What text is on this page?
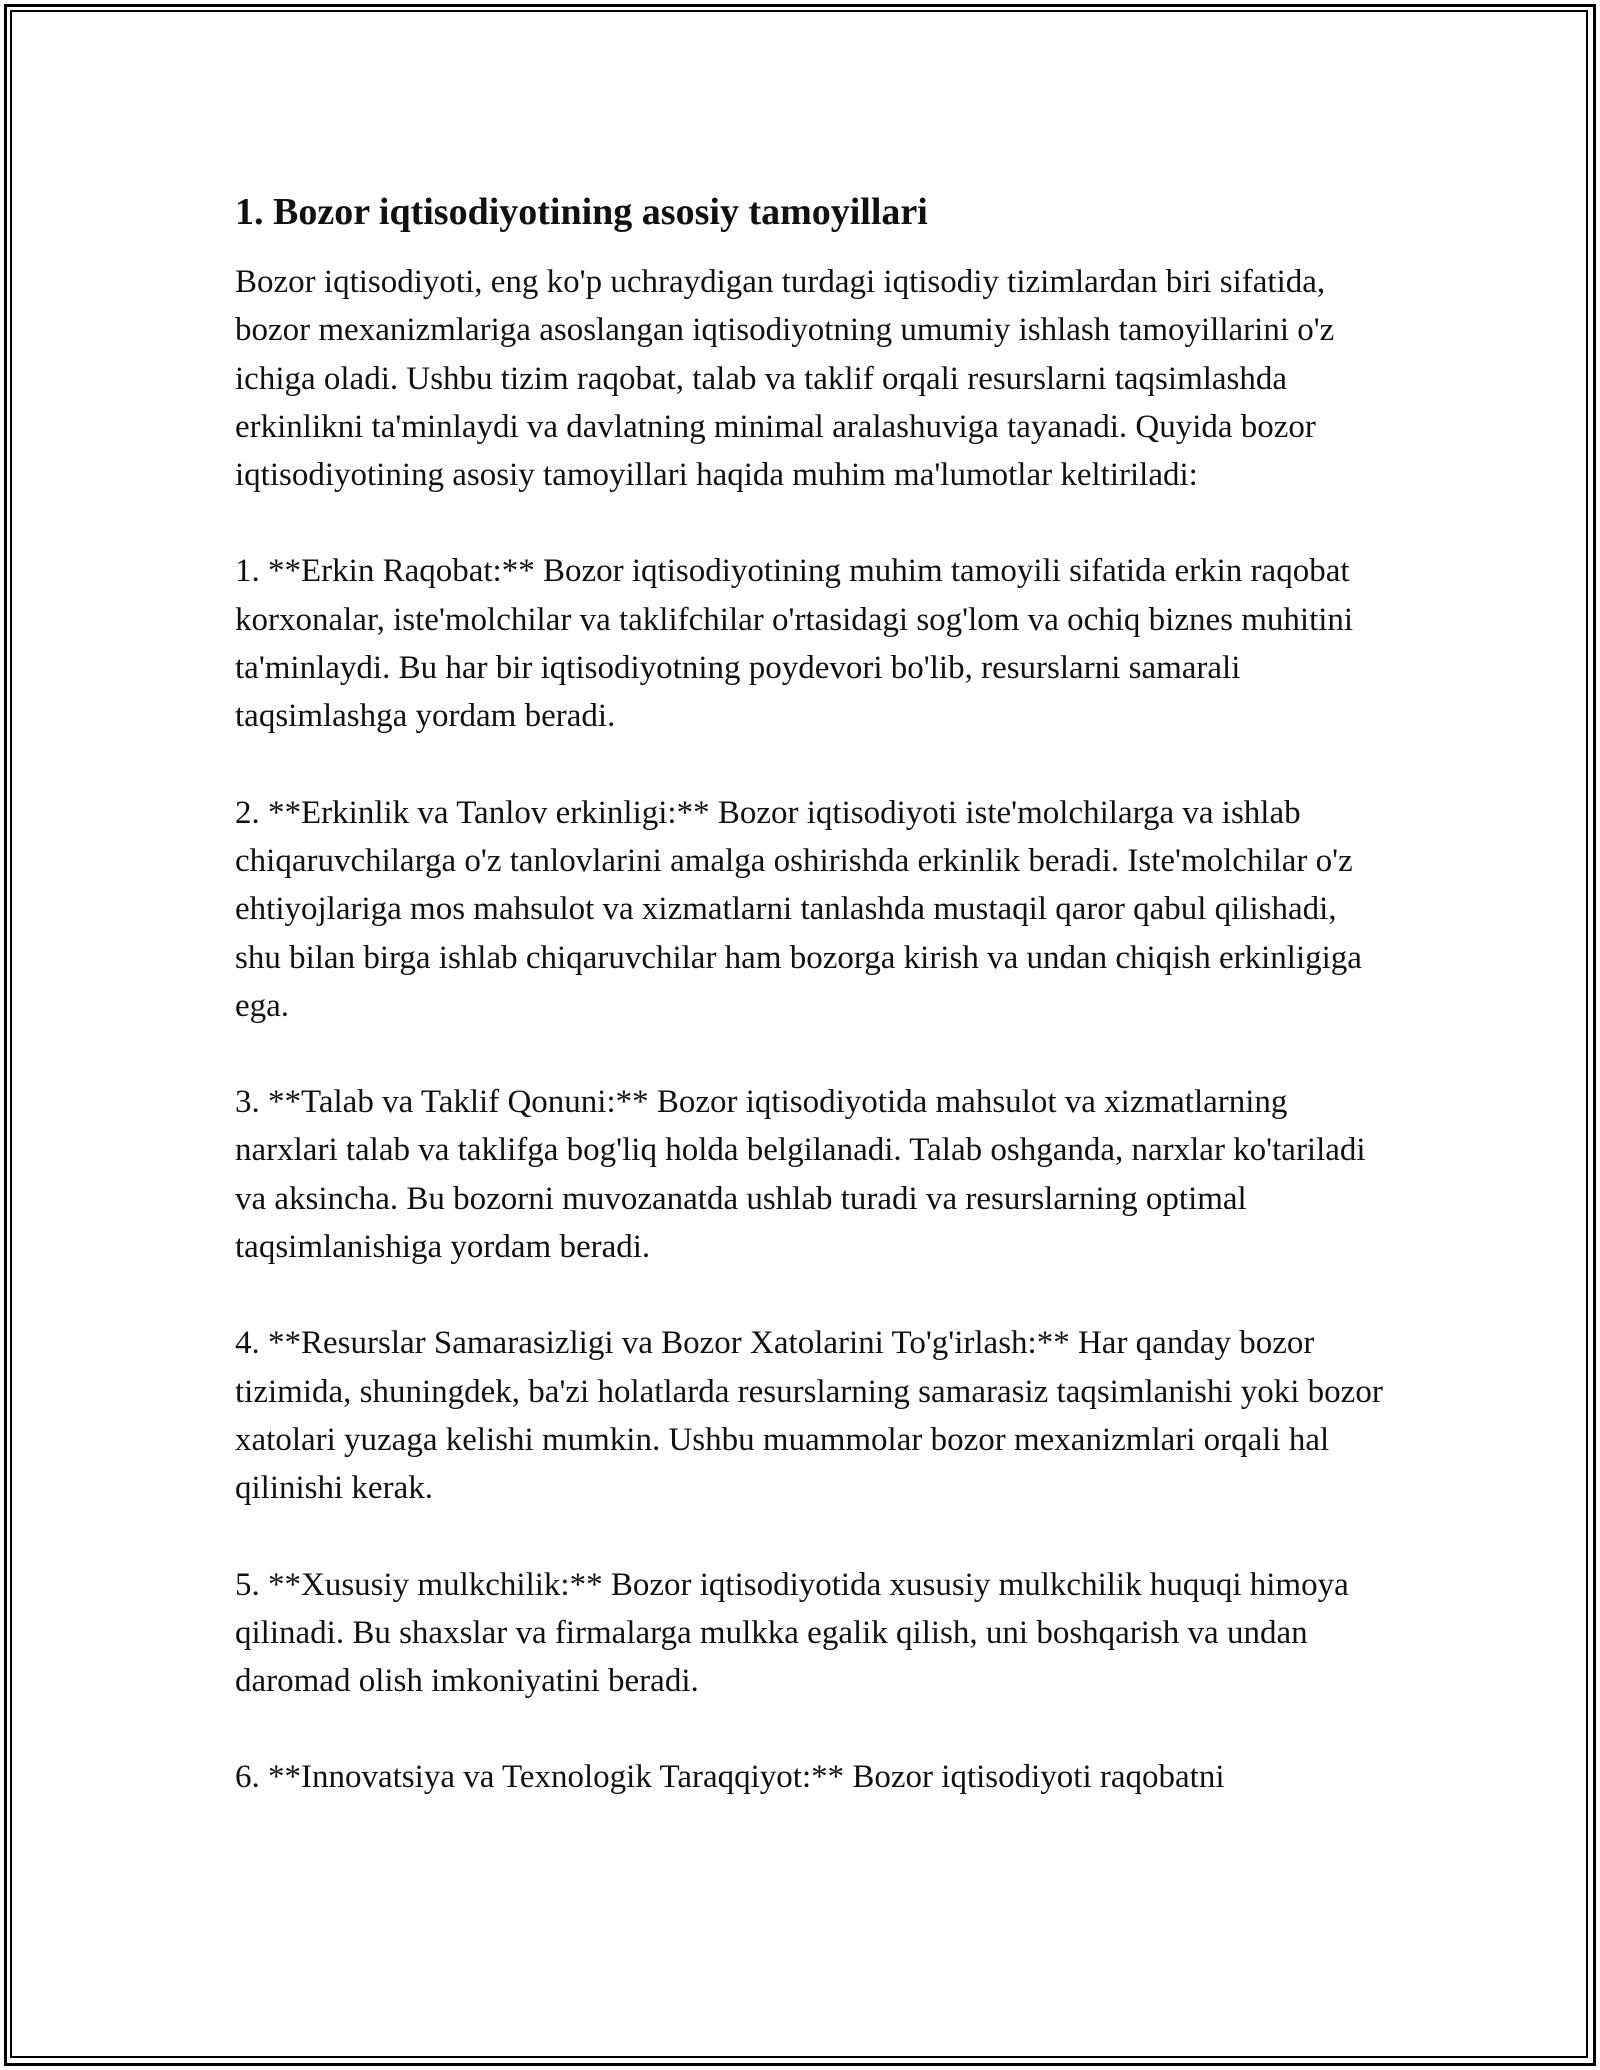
1. Bozor iqtisodiyotining asosiy tamoyillari

Bozor iqtisodiyoti, eng ko'p uchraydigan turdagi iqtisodiy tizimlardan biri sifatida, bozor mexanizmlariga asoslangan iqtisodiyotning umumiy ishlash tamoyillarini o'z ichiga oladi. Ushbu tizim raqobat, talab va taklif orqali resurslarni taqsimlashda erkinlikni ta'minlaydi va davlatning minimal aralashuviga tayanadi. Quyida bozor iqtisodiyotining asosiy tamoyillari haqida muhim ma'lumotlar keltiriladi:

1. **Erkin Raqobat:** Bozor iqtisodiyotining muhim tamoyili sifatida erkin raqobat korxonalar, iste'molchilar va taklifchilar o'rtasidagi sog'lom va ochiq biznes muhitini ta'minlaydi. Bu har bir iqtisodiyotning poydevori bo'lib, resurslarni samarali taqsimlashga yordam beradi.

2. **Erkinlik va Tanlov erkinligi:** Bozor iqtisodiyoti iste'molchilarga va ishlab chiqaruvchilarga o'z tanlovlarini amalga oshirishda erkinlik beradi. Iste'molchilar o'z ehtiyojlariga mos mahsulot va xizmatlarni tanlashda mustaqil qaror qabul qilishadi, shu bilan birga ishlab chiqaruvchilar ham bozorga kirish va undan chiqish erkinligiga ega.

3. **Talab va Taklif Qonuni:** Bozor iqtisodiyotida mahsulot va xizmatlarning narxlari talab va taklifga bog'liq holda belgilanadi. Talab oshganda, narxlar ko'tariladi va aksincha. Bu bozorni muvozanatda ushlab turadi va resurslarning optimal taqsimlanishiga yordam beradi.

4. **Resurslar Samarasizligi va Bozor Xatolarini To'g'irlash:** Har qanday bozor tizimida, shuningdek, ba'zi holatlarda resurslarning samarasiz taqsimlanishi yoki bozor xatolari yuzaga kelishi mumkin. Ushbu muammolar bozor mexanizmlari orqali hal qilinishi kerak.

5. **Xususiy mulkchilik:** Bozor iqtisodiyotida xususiy mulkchilik huquqi himoya qilinadi. Bu shaxslar va firmalarga mulkka egalik qilish, uni boshqarish va undan daromad olish imkoniyatini beradi.

6. **Innovatsiya va Texnologik Taraqqiyot:** Bozor iqtisodiyoti raqobatni
